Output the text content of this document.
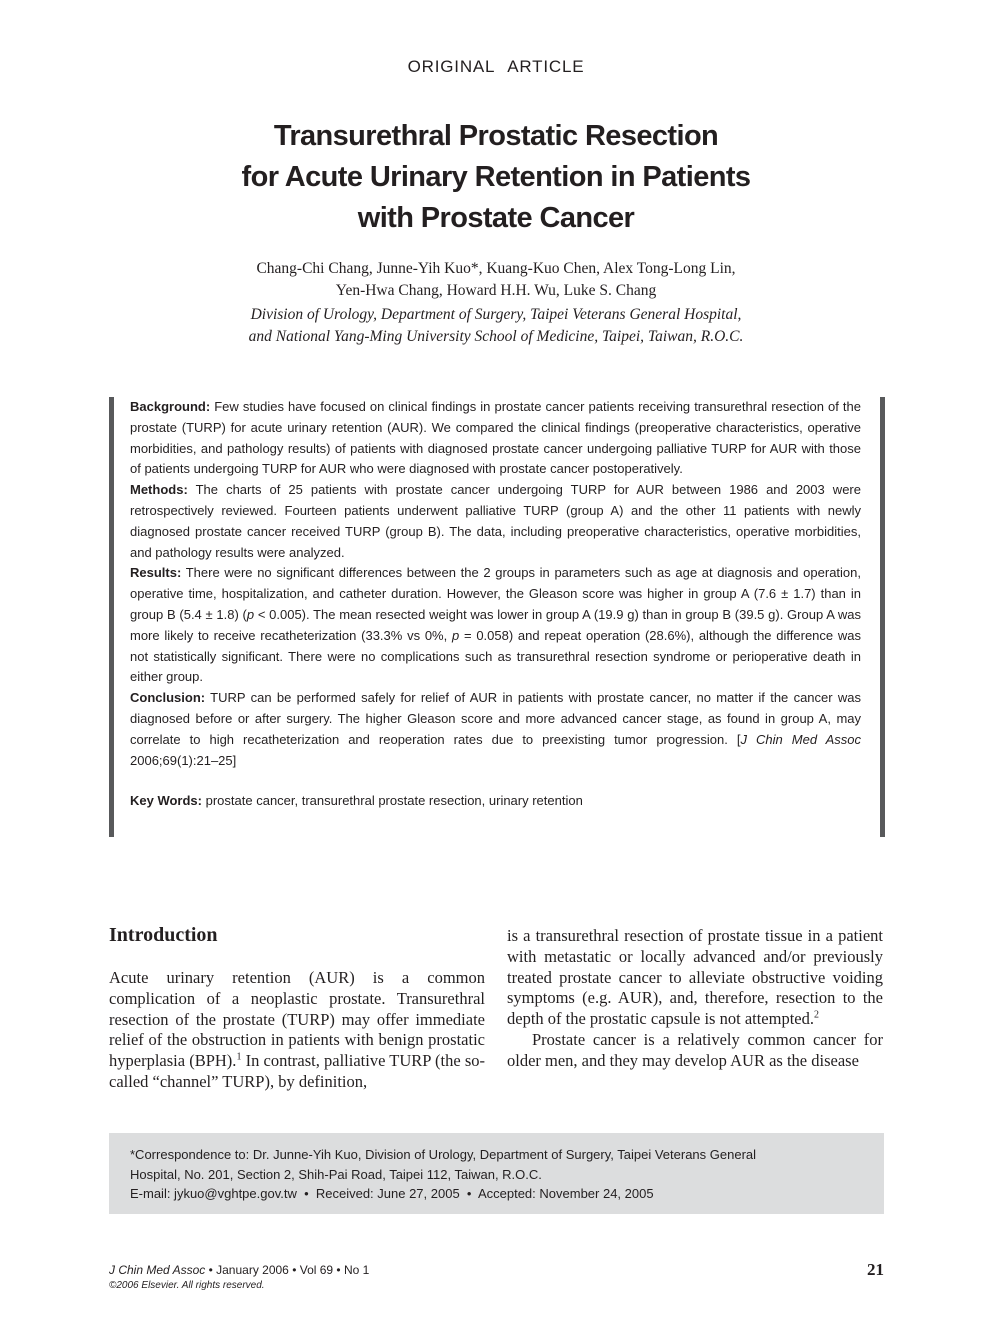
ORIGINAL ARTICLE
Transurethral Prostatic Resection
for Acute Urinary Retention in Patients
with Prostate Cancer
Chang-Chi Chang, Junne-Yih Kuo*, Kuang-Kuo Chen, Alex Tong-Long Lin,
Yen-Hwa Chang, Howard H.H. Wu, Luke S. Chang
Division of Urology, Department of Surgery, Taipei Veterans General Hospital,
and National Yang-Ming University School of Medicine, Taipei, Taiwan, R.O.C.

Background: Few studies have focused on clinical findings in prostate cancer patients receiving transurethral resection of the prostate (TURP) for acute urinary retention (AUR). We compared the clinical findings (preoperative characteristics, operative morbidities, and pathology results) of patients with diagnosed prostate cancer undergoing palliative TURP for AUR with those of patients undergoing TURP for AUR who were diagnosed with prostate cancer postoperatively.

Methods: The charts of 25 patients with prostate cancer undergoing TURP for AUR between 1986 and 2003 were retrospectively reviewed. Fourteen patients underwent palliative TURP (group A) and the other 11 patients with newly diagnosed prostate cancer received TURP (group B). The data, including preoperative characteristics, operative morbidities, and pathology results were analyzed.

Results: There were no significant differences between the 2 groups in parameters such as age at diagnosis and operation, operative time, hospitalization, and catheter duration. However, the Gleason score was higher in group A (7.6 ± 1.7) than in group B (5.4 ± 1.8) (p < 0.005). The mean resected weight was lower in group A (19.9 g) than in group B (39.5 g). Group A was more likely to receive recatheterization (33.3% vs 0%, p = 0.058) and repeat operation (28.6%), although the difference was not statistically significant. There were no complications such as transurethral resection syndrome or perioperative death in either group.

Conclusion: TURP can be performed safely for relief of AUR in patients with prostate cancer, no matter if the cancer was diagnosed before or after surgery. The higher Gleason score and more advanced cancer stage, as found in group A, may correlate to high recatheterization and reoperation rates due to preexisting tumor progression. [J Chin Med Assoc 2006;69(1):21–25]

Key Words: prostate cancer, transurethral prostate resection, urinary retention

Introduction

Acute urinary retention (AUR) is a common complication of a neoplastic prostate. Transurethral resection of the prostate (TURP) may offer immediate relief of the obstruction in patients with benign prostatic hyperplasia (BPH).$^1$ In contrast, palliative TURP (the so-called “channel” TURP), by definition,

is a transurethral resection of prostate tissue in a patient with metastatic or locally advanced and/or previously treated prostate cancer to alleviate obstructive voiding symptoms (e.g. AUR), and, therefore, resection to the depth of the prostatic capsule is not attempted.$^2$

Prostate cancer is a relatively common cancer for older men, and they may develop AUR as the disease

*Correspondence to: Dr. Junne-Yih Kuo, Division of Urology, Department of Surgery, Taipei Veterans General

Hospital, No. 201, Section 2, Shih-Pai Road, Taipei 112, Taiwan, R.O.C.

E-mail: jykuo@vghtpe.gov.tw  •  Received: June 27, 2005  •  Accepted: November 24, 2005

J Chin Med Assoc • January 2006 • Vol 69 • No 1
©2006 Elsevier. All rights reserved.
21
